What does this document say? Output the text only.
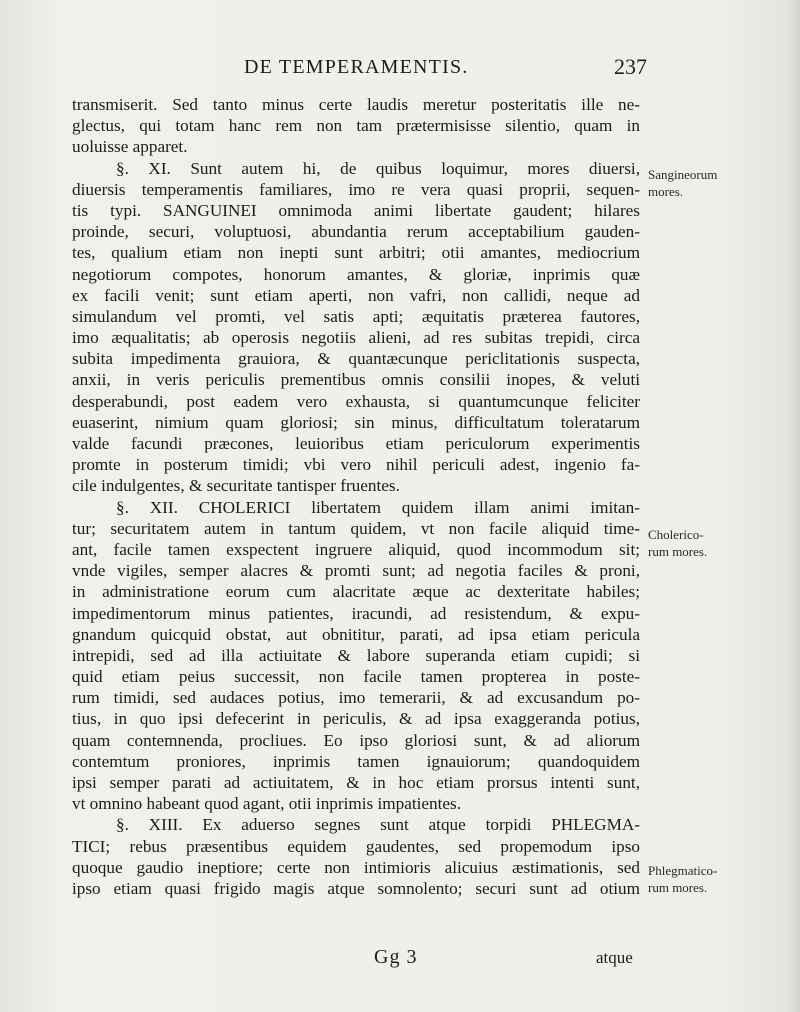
DE TEMPERAMENTIS.	237
transmiserit. Sed tanto minus certe laudis meretur posteritatis ille ne-
glectus, qui totam hanc rem non tam prætermisisse silentio, quam in
uoluisse apparet.
§. XI. Sunt autem hi, de quibus loquimur, mores diuersi,
diuersis temperamentis familiares, imo re vera quasi proprii, sequen-
tis typi. SANGUINEI omnimoda animi libertate gaudent; hilares
proinde, securi, voluptuosi, abundantia rerum acceptabilium gauden-
tes, qualium etiam non inepti sunt arbitri; otii amantes, mediocrium
negotiorum compotes, honorum amantes, & gloriæ, inprimis quæ
ex facili venit; sunt etiam aperti, non vafri, non callidi, neque ad
simulandum vel promti, vel satis apti; æquitatis præterea fautores,
imo æqualitatis; ab operosis negotiis alieni, ad res subitas trepidi, circa
subita impedimenta grauiora, & quantæcunque periclitationis suspecta,
anxii, in veris periculis prementibus omnis consilii inopes, & veluti
desperabundi, post eadem vero exhausta, si quantumcunque feliciter
euaserint, nimium quam gloriosi; sin minus, difficultatum toleratarum
valde facundi præcones, leuioribus etiam periculorum experimentis
promte in posterum timidi; vbi vero nihil periculi adest, ingenio fa-
cile indulgentes, & securitate tantisper fruentes.
§. XII. CHOLERICI libertatem quidem illam animi imitan-
tur; securitatem autem in tantum quidem, vt non facile aliquid time-
ant, facile tamen exspectent ingruere aliquid, quod incommodum sit;
vnde vigiles, semper alacres & promti sunt; ad negotia faciles & proni,
in administratione eorum cum alacritate æque ac dexteritate habiles;
impedimentorum minus patientes, iracundi, ad resistendum, & expu-
gnandum quicquid obstat, aut obnititur, parati, ad ipsa etiam pericula
intrepidi, sed ad illa actiuitate & labore superanda etiam cupidi; si
quid etiam peius successit, non facile tamen propterea in poste-
rum timidi, sed audaces potius, imo temerarii, & ad excusandum po-
tius, in quo ipsi defecerint in periculis, & ad ipsa exaggeranda potius,
quam contemnenda, procliues. Eo ipso gloriosi sunt, & ad aliorum
contemtum proniores, inprimis tamen ignauiorum; quandoquidem
ipsi semper parati ad actiuitatem, & in hoc etiam prorsus intenti sunt,
vt omnino habeant quod agant, otii inprimis impatientes.
§. XIII. Ex aduerso segnes sunt atque torpidi PHLEGMA-
TICI; rebus præsentibus equidem gaudentes, sed propemodum ipso
quoque gaudio ineptiore; certe non intimioris alicuius æstimationis, sed
ipso etiam quasi frigido magis atque somnolento; securi sunt ad otium
Sangineorum
mores.
Cholerico-
rum mores.
Phlegmatico-
rum mores.
Gg 3	atque
